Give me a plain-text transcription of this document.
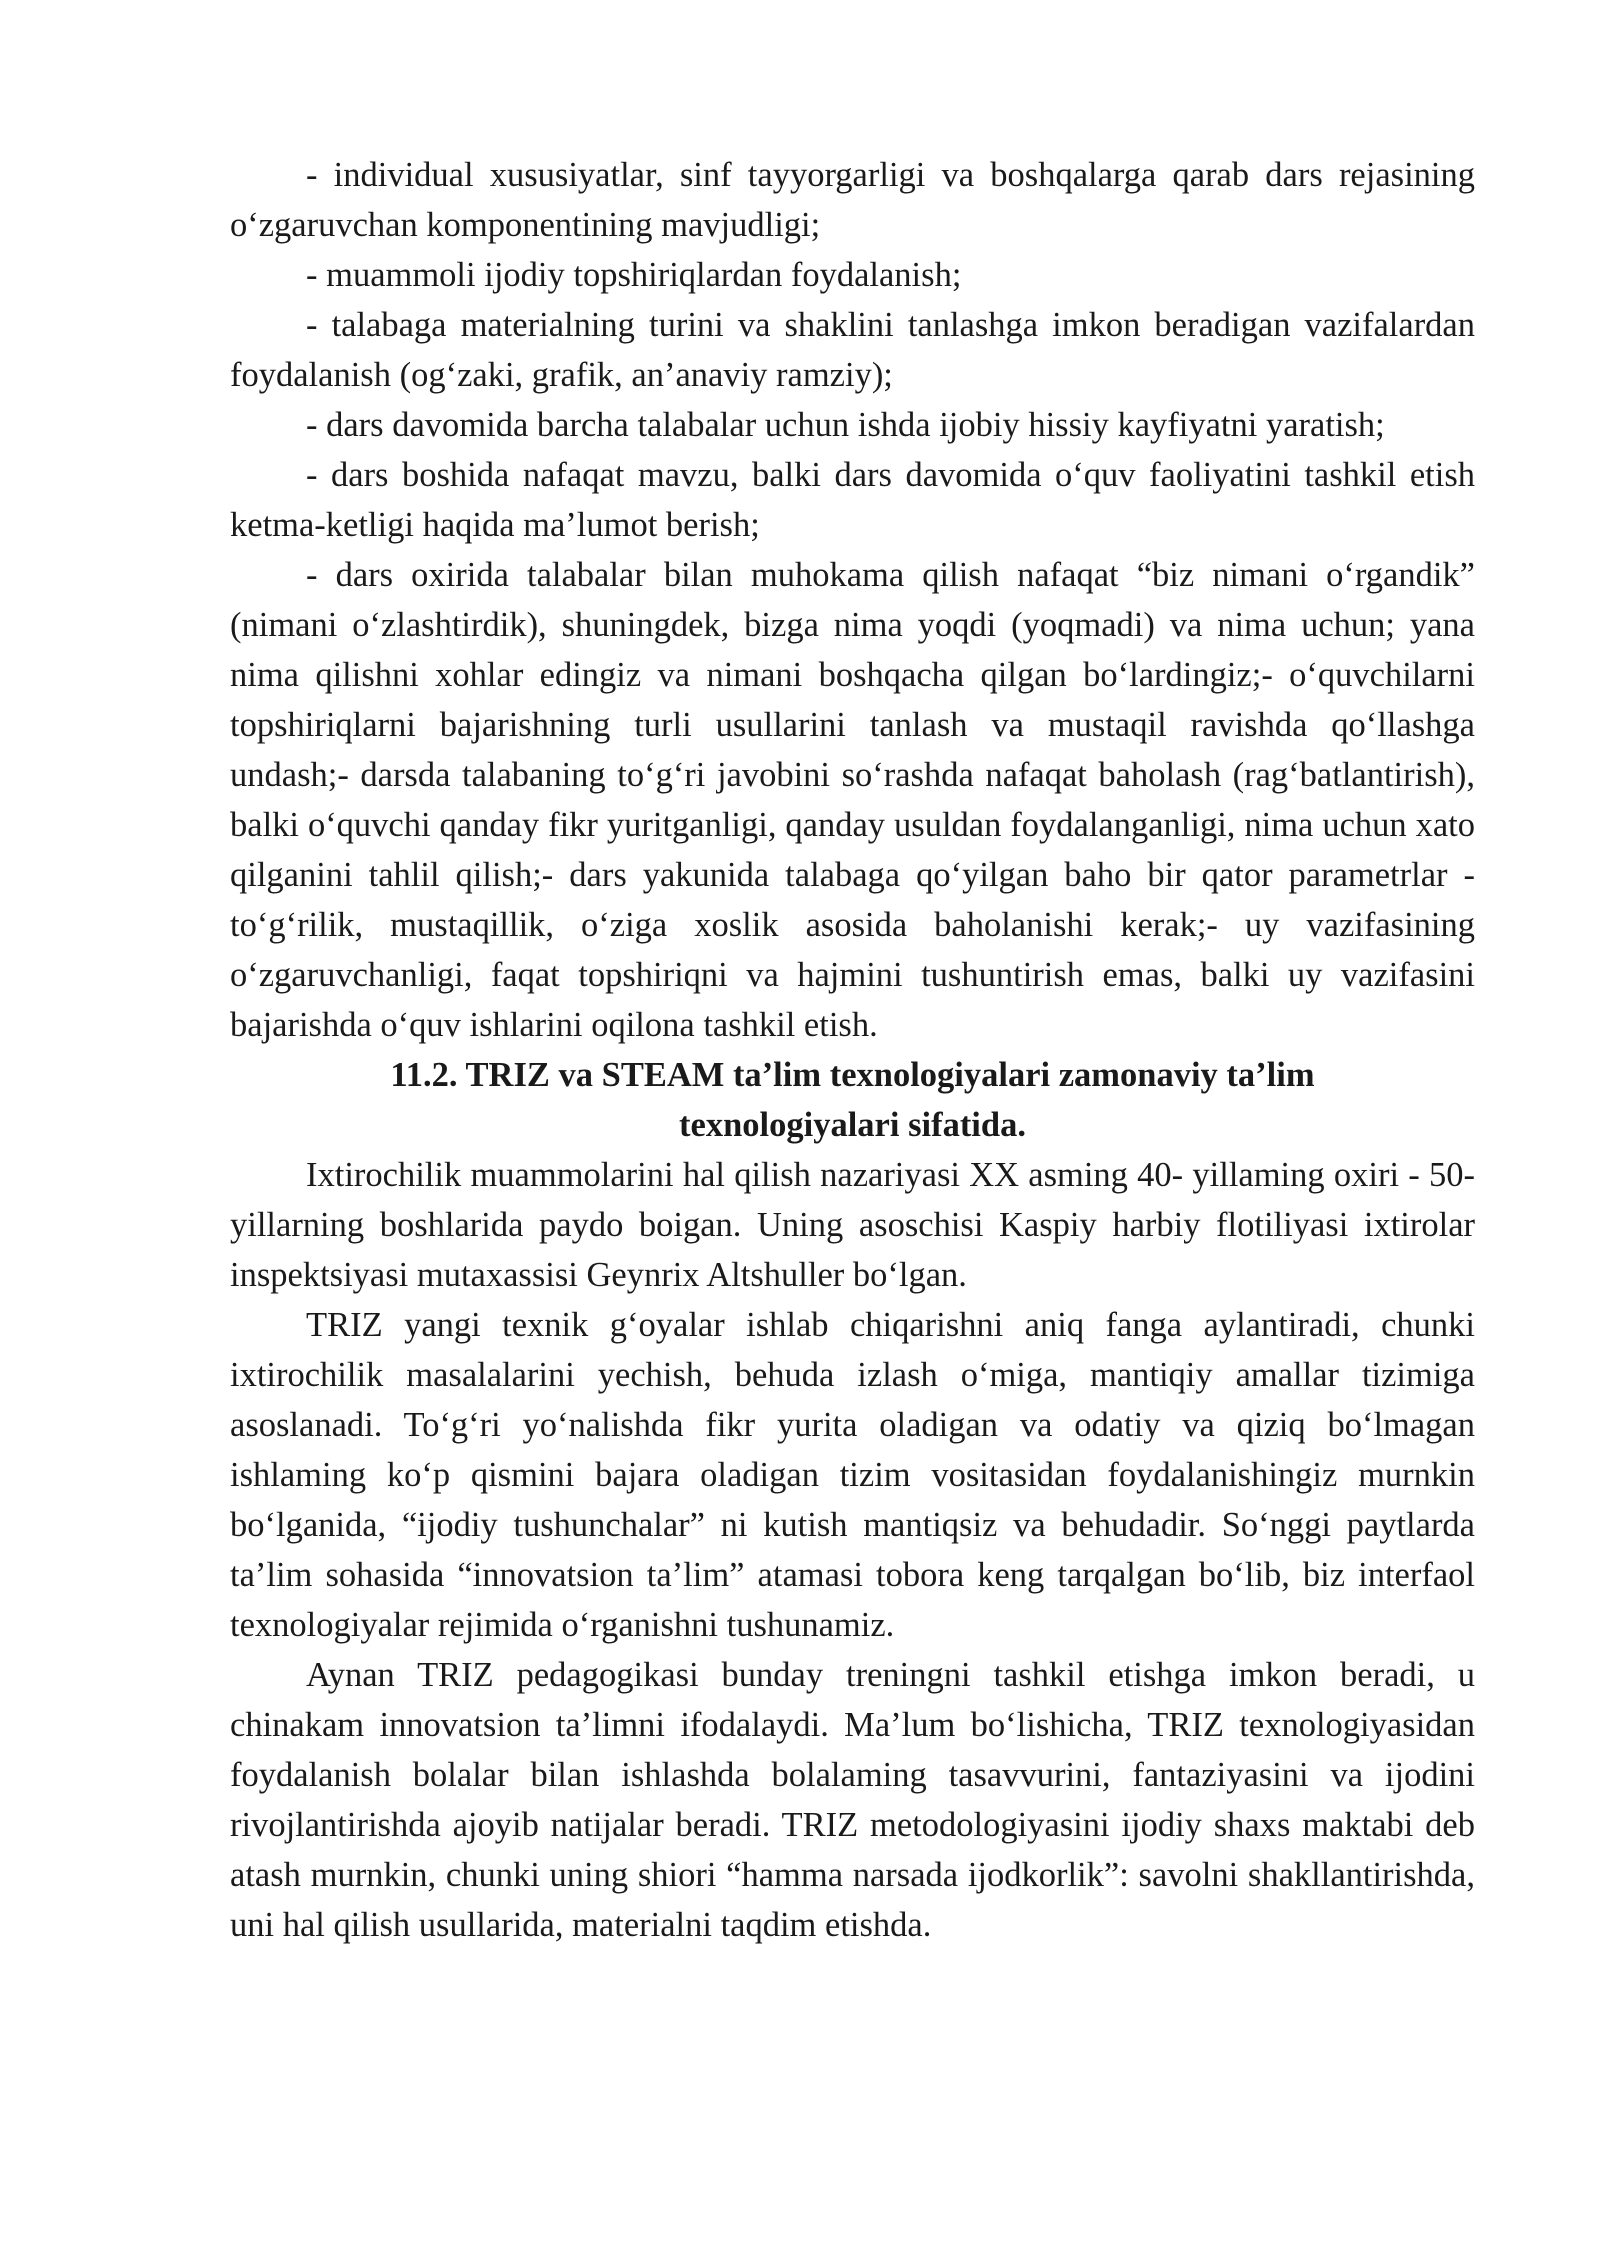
- individual xususiyatlar, sinf tayyorgarligi va boshqalarga qarab dars rejasining o‘zgaruvchan komponentining mavjudligi;

- muammoli ijodiy topshiriqlardan foydalanish;

- talabaga materialning turini va shaklini tanlashga imkon beradigan vazifalardan foydalanish (og‘zaki, grafik, an’anaviy ramziy);

- dars davomida barcha talabalar uchun ishda ijobiy hissiy kayfiyatni yaratish;

- dars boshida nafaqat mavzu, balki dars davomida o‘quv faoliyatini tashkil etish ketma-ketligi haqida ma’lumot berish;

- dars oxirida talabalar bilan muhokama qilish nafaqat “biz nimani o‘rgandik” (nimani o‘zlashtirdik), shuningdek, bizga nima yoqdi (yoqmadi) va nima uchun; yana nima qilishni xohlar edingiz va nimani boshqacha qilgan bo‘lardingiz;- o‘quvchilarni topshiriqlarni bajarishning turli usullarini tanlash va mustaqil ravishda qo‘llashga undash;- darsda talabaning to‘g‘ri javobini so‘rashda nafaqat baholash (rag‘batlantirish), balki o‘quvchi qanday fikr yuritganligi, qanday usuldan foydalanganligi, nima uchun xato qilganini tahlil qilish;- dars yakunida talabaga qo‘yilgan baho bir qator parametrlar - to‘g‘rilik, mustaqillik, o‘ziga xoslik asosida baholanishi kerak;- uy vazifasining o‘zgaruvchanligi, faqat topshiriqni va hajmini tushuntirish emas, balki uy vazifasini bajarishda o‘quv ishlarini oqilona tashkil etish.

11.2. TRIZ va STEAM ta’lim texnologiyalari zamonaviy ta’lim texnologiyalari sifatida.

Ixtirochilik muammolarini hal qilish nazariyasi XX asming 40- yillaming oxiri - 50-yillarning boshlarida paydo boigan. Uning asoschisi Kaspiy harbiy flotiliyasi ixtirolar inspektsiyasi mutaxassisi Geynrix Altshuller bo‘lgan.

TRIZ yangi texnik g‘oyalar ishlab chiqarishni aniq fanga aylantiradi, chunki ixtirochilik masalalarini yechish, behuda izlash o‘miga, mantiqiy amallar tizimiga asoslanadi. To‘g‘ri yo‘nalishda fikr yurita oladigan va odatiy va qiziq bo‘lmagan ishlaming ko‘p qismini bajara oladigan tizim vositasidan foydalanishingiz murnkin bo‘lganida, “ijodiy tushunchalar” ni kutish mantiqsiz va behudadir. So‘nggi paytlarda ta’lim sohasida “innovatsion ta’lim” atamasi tobora keng tarqalgan bo‘lib, biz interfaol texnologiyalar rejimida o‘rganishni tushunamiz.

Aynan TRIZ pedagogikasi bunday treningni tashkil etishga imkon beradi, u chinakam innovatsion ta’limni ifodalaydi. Ma’lum bo‘lishicha, TRIZ texnologiyasidan foydalanish bolalar bilan ishlashda bolalaming tasavvurini, fantaziyasini va ijodini rivojlantirishda ajoyib natijalar beradi. TRIZ metodologiyasini ijodiy shaxs maktabi deb atash murnkin, chunki uning shiori “hamma narsada ijodkorlik”: savolni shakllantirishda, uni hal qilish usullarida, materialni taqdim etishda.
